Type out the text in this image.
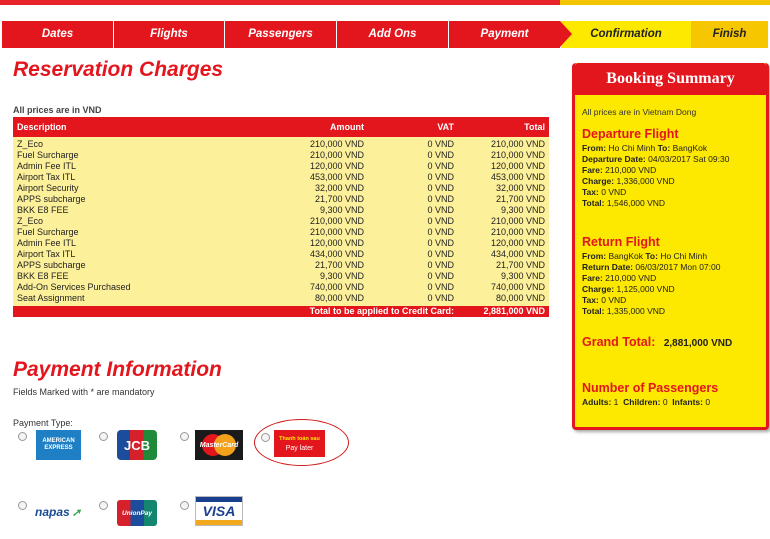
Dates	Flights	Passengers	Add Ons	Payment	Confirmation	Finish
Reservation Charges
All prices are in VND
Description	Amount	VAT	Total
Z_Eco	210,000 VND	0 VND	210,000 VND
Fuel Surcharge	210,000 VND	0 VND	210,000 VND
Admin Fee ITL	120,000 VND	0 VND	120,000 VND
Airport Tax ITL	453,000 VND	0 VND	453,000 VND
Airport Security	32,000 VND	0 VND	32,000 VND
APPS subcharge	21,700 VND	0 VND	21,700 VND
BKK E8 FEE	9,300 VND	0 VND	9,300 VND
Z_Eco	210,000 VND	0 VND	210,000 VND
Fuel Surcharge	210,000 VND	0 VND	210,000 VND
Admin Fee ITL	120,000 VND	0 VND	120,000 VND
Airport Tax ITL	434,000 VND	0 VND	434,000 VND
APPS subcharge	21,700 VND	0 VND	21,700 VND
BKK E8 FEE	9,300 VND	0 VND	9,300 VND
Add-On Services Purchased	740,000 VND	0 VND	740,000 VND
Seat Assignment	80,000 VND	0 VND	80,000 VND
Total to be applied to Credit Card:			2,881,000 VND
Payment Information
Fields Marked with * are mandatory
Payment Type:
AMERICAN EXPRESS	JCB	MasterCard
Thanh toán sau
Pay later
napas ➚	UnionPay	VISA
Booking Summary
All prices are in Vietnam Dong
Departure Flight
From: Ho Chi Minh To: BangKok
Departure Date: 04/03/2017 Sat 09:30
Fare: 210,000 VND
Charge: 1,336,000 VND
Tax: 0 VND
Total: 1,546,000 VND
Return Flight
From: BangKok To: Ho Chi Minh
Return Date: 06/03/2017 Mon 07:00
Fare: 210,000 VND
Charge: 1,125,000 VND
Tax: 0 VND
Total: 1,335,000 VND
Grand Total: 2,881,000 VND
Number of Passengers
Adults: 1 Children: 0 Infants: 0
